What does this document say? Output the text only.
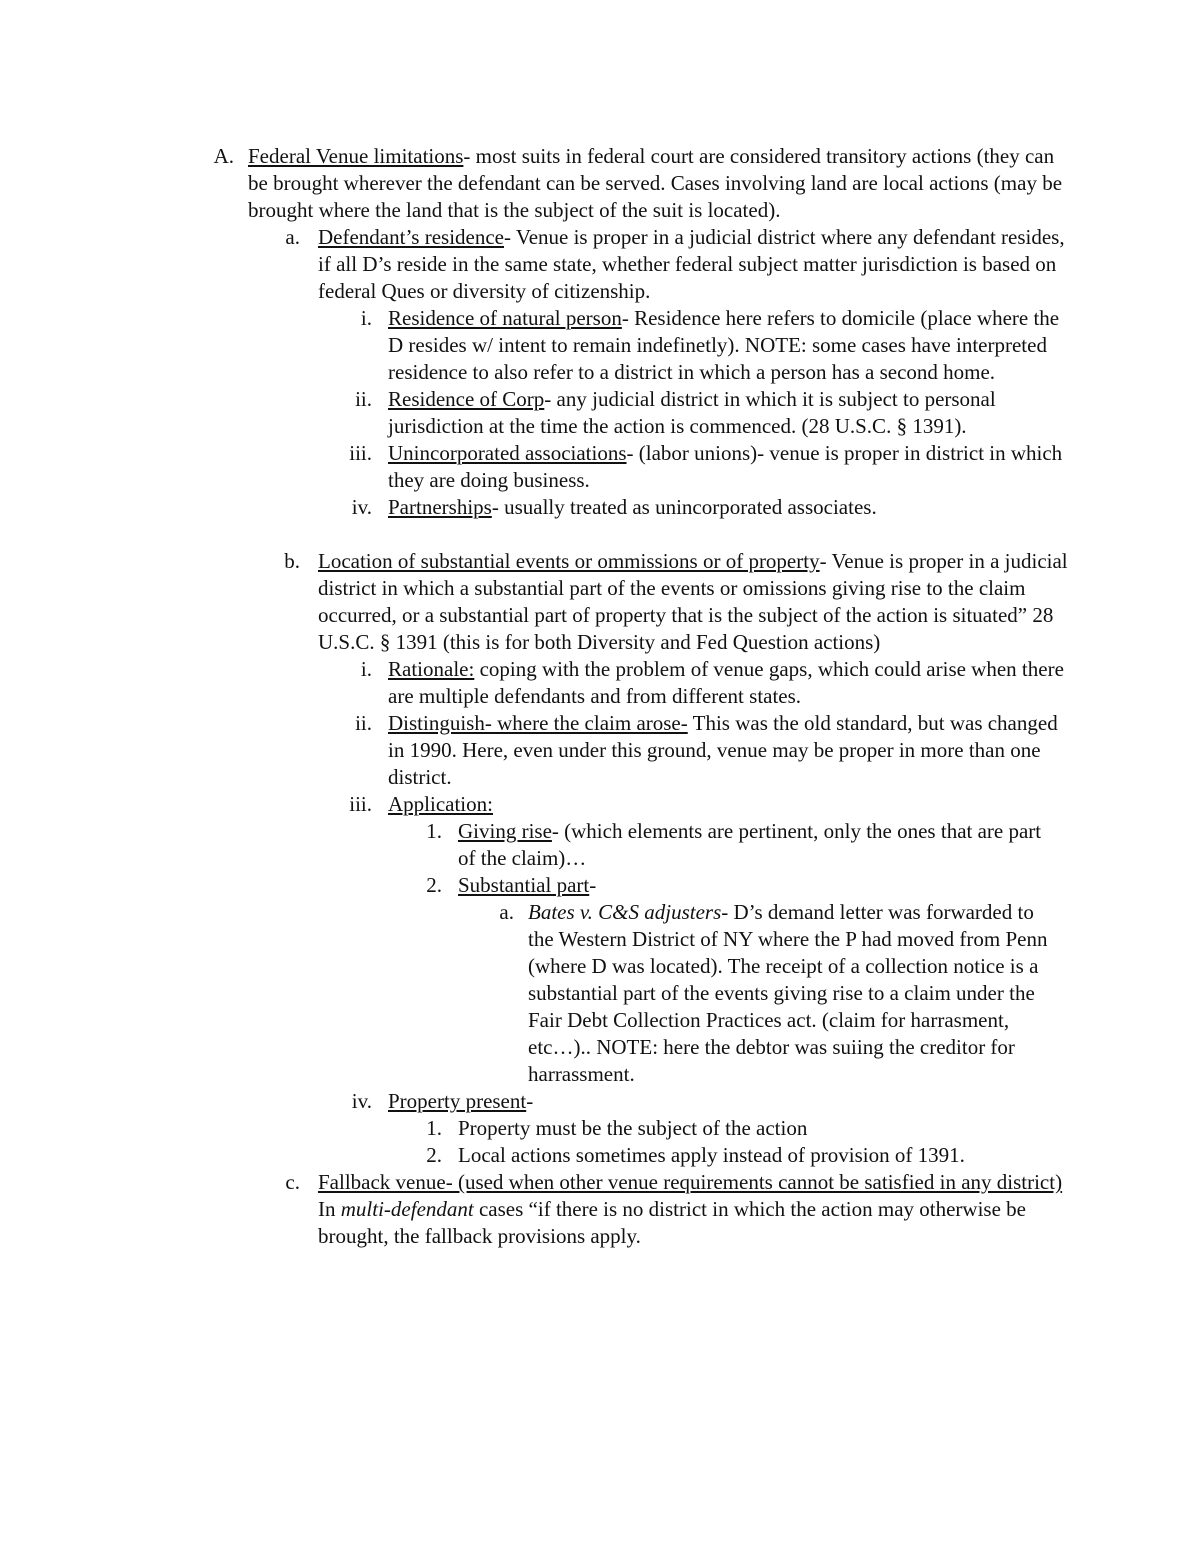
A. Federal Venue limitations- most suits in federal court are considered transitory actions (they can be brought wherever the defendant can be served. Cases involving land are local actions (may be brought where the land that is the subject of the suit is located).
a. Defendant’s residence- Venue is proper in a judicial district where any defendant resides, if all D’s reside in the same state, whether federal subject matter jurisdiction is based on federal Ques or diversity of citizenship.
i. Residence of natural person- Residence here refers to domicile (place where the D resides w/ intent to remain indefinetly). NOTE: some cases have interpreted residence to also refer to a district in which a person has a second home.
ii. Residence of Corp- any judicial district in which it is subject to personal jurisdiction at the time the action is commenced. (28 U.S.C. § 1391).
iii. Unincorporated associations- (labor unions)- venue is proper in district in which they are doing business.
iv. Partnerships- usually treated as unincorporated associates.
b. Location of substantial events or ommissions or of property- Venue is proper in a judicial district in which a substantial part of the events or omissions giving rise to the claim occurred, or a substantial part of property that is the subject of the action is situated” 28 U.S.C. § 1391 (this is for both Diversity and Fed Question actions)
i. Rationale: coping with the problem of venue gaps, which could arise when there are multiple defendants and from different states.
ii. Distinguish- where the claim arose- This was the old standard, but was changed in 1990. Here, even under this ground, venue may be proper in more than one district.
iii. Application:
1. Giving rise- (which elements are pertinent, only the ones that are part of the claim)…
2. Substantial part-
a. Bates v. C&S adjusters- D’s demand letter was forwarded to the Western District of NY where the P had moved from Penn (where D was located). The receipt of a collection notice is a substantial part of the events giving rise to a claim under the Fair Debt Collection Practices act. (claim for harrasment, etc…).. NOTE: here the debtor was suiing the creditor for harrassment.
iv. Property present-
1. Property must be the subject of the action
2. Local actions sometimes apply instead of provision of 1391.
c. Fallback venue- (used when other venue requirements cannot be satisfied in any district) In multi-defendant cases “if there is no district in which the action may otherwise be brought, the fallback provisions apply.
